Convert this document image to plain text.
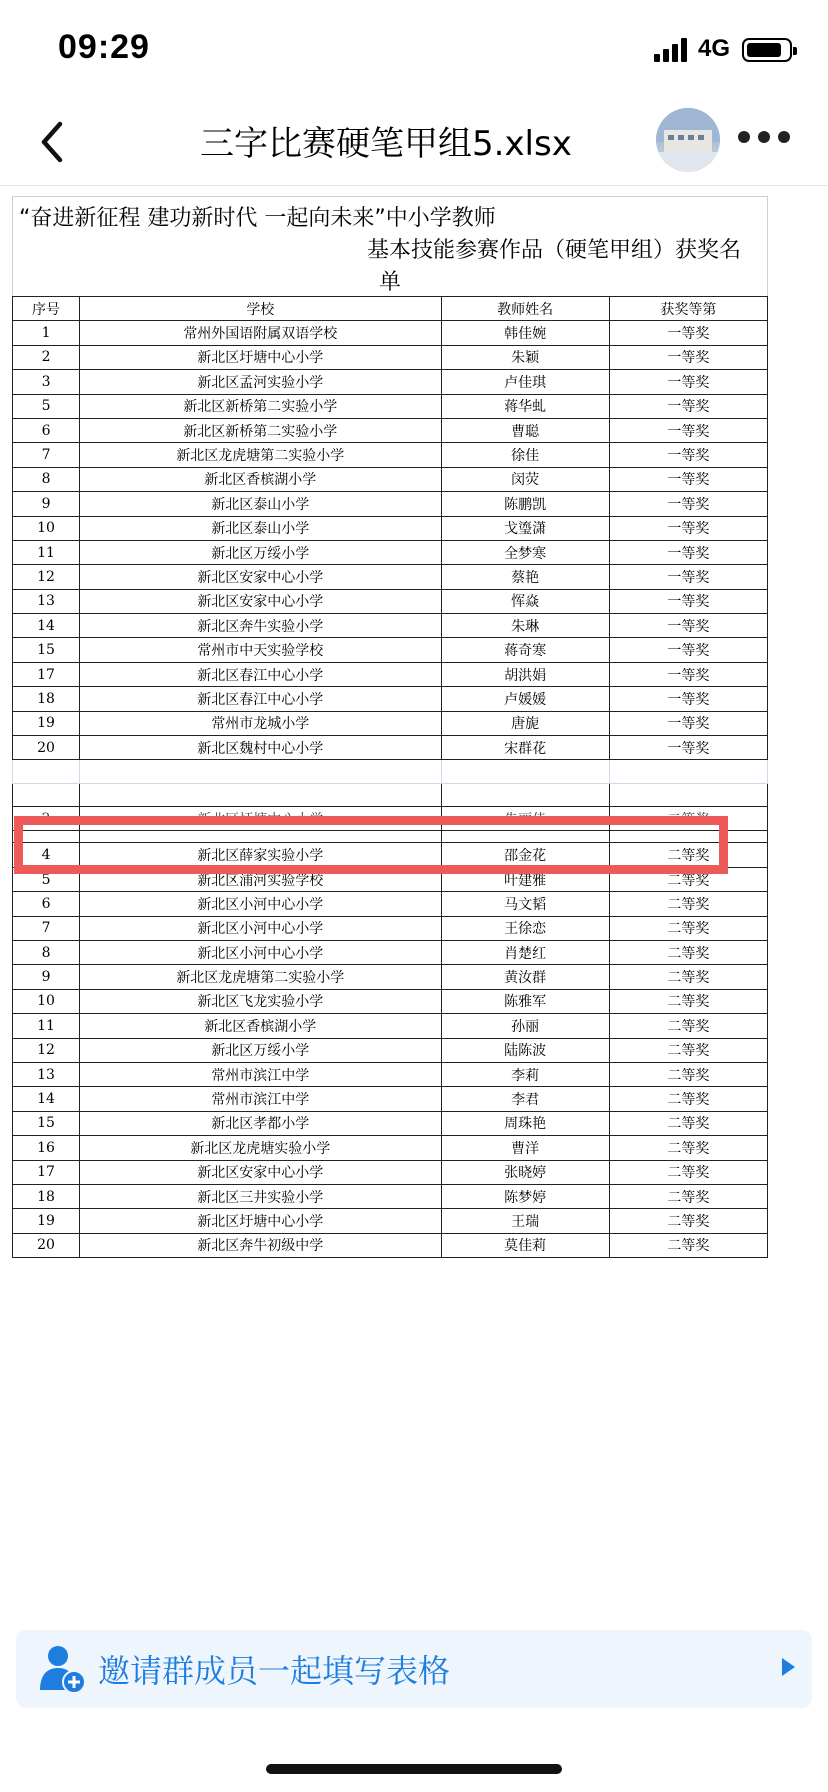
09:29	4G
三字比赛硬笔甲组5.xlsx
“奋进新征程 建功新时代 一起向未来”中小学教师
基本技能参赛作品（硬笔甲组）获奖名
单
序号	学校	教师姓名	获奖等第
1	常州外国语附属双语学校	韩佳婉	一等奖
2	新北区圩塘中心小学	朱颖	一等奖
3	新北区孟河实验小学	卢佳琪	一等奖
5	新北区新桥第二实验小学	蒋华虬	一等奖
6	新北区新桥第二实验小学	曹聪	一等奖
7	新北区龙虎塘第二实验小学	徐佳	一等奖
8	新北区香槟湖小学	闵荧	一等奖
9	新北区泰山小学	陈鹏凯	一等奖
10	新北区泰山小学	戈瑬潇	一等奖
11	新北区万绥小学	全梦寒	一等奖
12	新北区安家中心小学	蔡艳	一等奖
13	新北区安家中心小学	恽焱	一等奖
14	新北区奔牛实验小学	朱琳	一等奖
15	常州市中天实验学校	蒋奇寒	一等奖
17	新北区春江中心小学	胡洪娟	一等奖
18	新北区春江中心小学	卢媛媛	一等奖
19	常州市龙城小学	唐旎	一等奖
20	新北区魏村中心小学	宋群花	一等奖

2	新北区圩塘中心小学	朱丽佳	二等奖

4	新北区薛家实验小学	邵金花	二等奖
5	新北区浦河实验学校	叶建雅	二等奖
6	新北区小河中心小学	马文韬	二等奖
7	新北区小河中心小学	王徐恋	二等奖
8	新北区小河中心小学	肖楚红	二等奖
9	新北区龙虎塘第二实验小学	黄汝群	二等奖
10	新北区飞龙实验小学	陈雅军	二等奖
11	新北区香槟湖小学	孙丽	二等奖
12	新北区万绥小学	陆陈波	二等奖
13	常州市滨江中学	李莉	二等奖
14	常州市滨江中学	李君	二等奖
15	新北区孝都小学	周珠艳	二等奖
16	新北区龙虎塘实验小学	曹洋	二等奖
17	新北区安家中心小学	张晓婷	二等奖
18	新北区三井实验小学	陈梦婷	二等奖
19	新北区圩塘中心小学	王瑞	二等奖
20	新北区奔牛初级中学	莫佳莉	二等奖
邀请群成员一起填写表格
